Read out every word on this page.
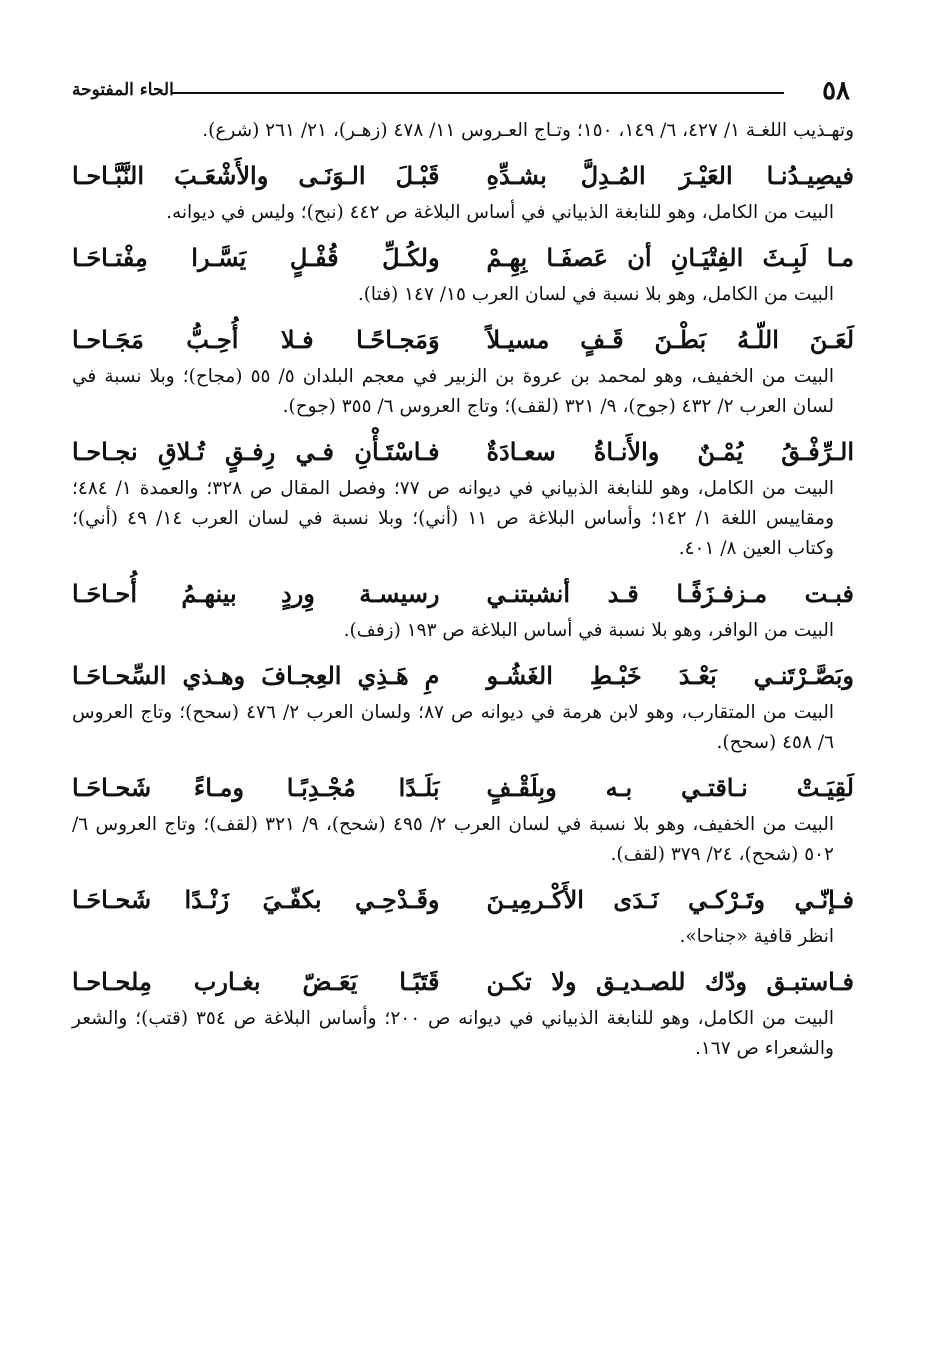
٥٨
الحاء المفتوحة

وتهـذيب اللغـة ١/ ٤٢٧، ٦/ ١٤٩، ١٥٠؛ وتـاج العـروس ١١/ ٤٧٨ (زهـر)، ٢١/ ٢٦١ (شرع).

فيصِيـدُنـا العَيْـرَ المُـدِلَّ بشـدِّهِ
قَبْـلَ الـوَنَـى والأَشْعَـبَ النَّبَّـاحـا

البيت من الكامل، وهو للنابغة الذبياني في أساس البلاغة ص ٤٤٢ (نبح)؛ وليس في ديوانه.

مـا لَبِـثَ الفِتْيَـانِ أن عَصفَـا بِهِـمْ
ولكُـلِّ قُفْـلٍ يَسَّـرا مِفْتـاحَـا

البيت من الكامل، وهو بلا نسبة في لسان العرب ١٥/ ١٤٧ (فتا).

لَعَـنَ اللّـهُ بَطْـنَ قَـفٍ مسيـلاً
وَمَجـاحًـا فـلا أُحِـبُّ مَجَـاحـا

البيت من الخفيف، وهو لمحمد بن عروة بن الزبير في معجم البلدان ٥/ ٥٥ (مجاح)؛ وبلا نسبة في لسان العرب ٢/ ٤٣٢ (جوح)، ٩/ ٣٢١ (لقف)؛ وتاج العروس ٦/ ٣٥٥ (جوح).

الـرِّفْـقُ يُمْـنٌ والأَنـاةُ سعـادَةٌ
فـاسْتَـأْنِ فـي رِفـقٍ تُـلاقِ نجـاحـا

البيت من الكامل، وهو للنابغة الذبياني في ديوانه ص ٧٧؛ وفصل المقال ص ٣٢٨؛ والعمدة ١/ ٤٨٤؛ ومقاييس اللغة ١/ ١٤٢؛ وأساس البلاغة ص ١١ (أني)؛ وبلا نسبة في لسان العرب ١٤/ ٤٩ (أني)؛ وكتاب العين ٨/ ٤٠١.

فبـت مـزفـزَفًـا قـد أنشبتنـي
رسيسـة وِردٍ بينهـمُ أُحـاحَـا

البيت من الوافر، وهو بلا نسبة في أساس البلاغة ص ١٩٣ (زفف).

وبَصَّـرْتَنـي بَعْـدَ خَبْـطِ الغَشُـو
مِ هَـذِي العِجـافَ وهـذي السِّحـاحَـا

البيت من المتقارب، وهو لابن هرمة في ديوانه ص ٨٧؛ ولسان العرب ٢/ ٤٧٦ (سحح)؛ وتاج العروس ٦/ ٤٥٨ (سحح).

لَقِيَـتْ نـاقتـي بـه وبِلَقْـفٍ
بَلَـدًا مُجْـدِبًـا ومـاءً شَحـاحَـا

البيت من الخفيف، وهو بلا نسبة في لسان العرب ٢/ ٤٩٥ (شحح)، ٩/ ٣٢١ (لقف)؛ وتاج العروس ٦/ ٥٠٢ (شحح)، ٢٤/ ٣٧٩ (لقف).

فـإنّـي وتَـرْكـي نَـدَى الأَكْـرمِيـنَ
وقَـدْحِـي بكفّـيَ زَنْـدًا شَحـاحَـا

انظر قافية «جناحا».

فـاستبـق ودّك للصـديـق ولا تكـن
قَتَبًـا يَعَـضّ بغـارب مِلحـاحـا

البيت من الكامل، وهو للنابغة الذبياني في ديوانه ص ٢٠٠؛ وأساس البلاغة ص ٣٥٤ (قتب)؛ والشعر والشعراء ص ١٦٧.
